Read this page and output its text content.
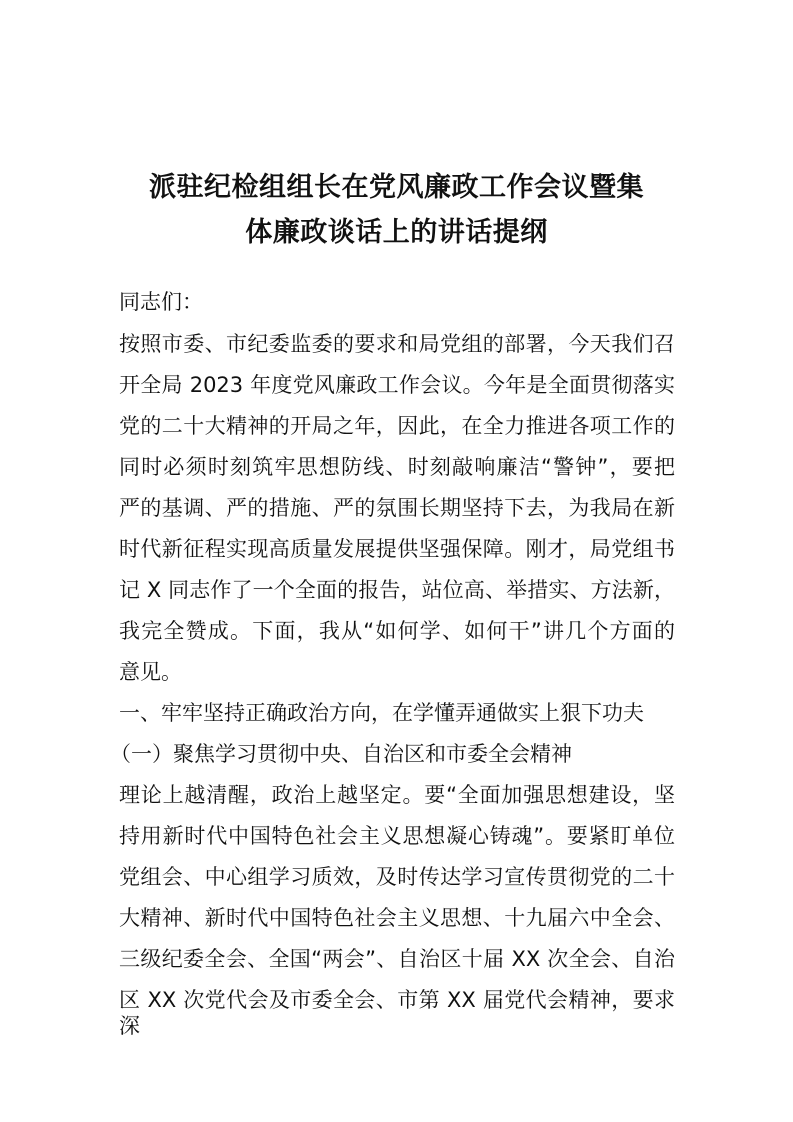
派驻纪检组组长在党风廉政工作会议暨集
体廉政谈话上的讲话提纲
同志们：
按照市委、市纪委监委的要求和局党组的部署，今天我们召
开全局 2023 年度党风廉政工作会议。今年是全面贯彻落实
党的二十大精神的开局之年，因此，在全力推进各项工作的
同时必须时刻筑牢思想防线、时刻敲响廉洁“警钟”，要把
严的基调、严的措施、严的氛围长期坚持下去，为我局在新
时代新征程实现高质量发展提供坚强保障。刚才，局党组书
记 X 同志作了一个全面的报告，站位高、举措实、方法新，
我完全赞成。下面，我从“如何学、如何干”讲几个方面的
意见。
一、牢牢坚持正确政治方向，在学懂弄通做实上狠下功夫
（一）聚焦学习贯彻中央、自治区和市委全会精神
理论上越清醒，政治上越坚定。要“全面加强思想建设，坚
持用新时代中国特色社会主义思想凝心铸魂”。要紧盯单位
党组会、中心组学习质效，及时传达学习宣传贯彻党的二十
大精神、新时代中国特色社会主义思想、十九届六中全会、
三级纪委全会、全国“两会”、自治区十届 XX 次全会、自治
区 XX 次党代会及市委全会、市第 XX 届党代会精神，要求深
